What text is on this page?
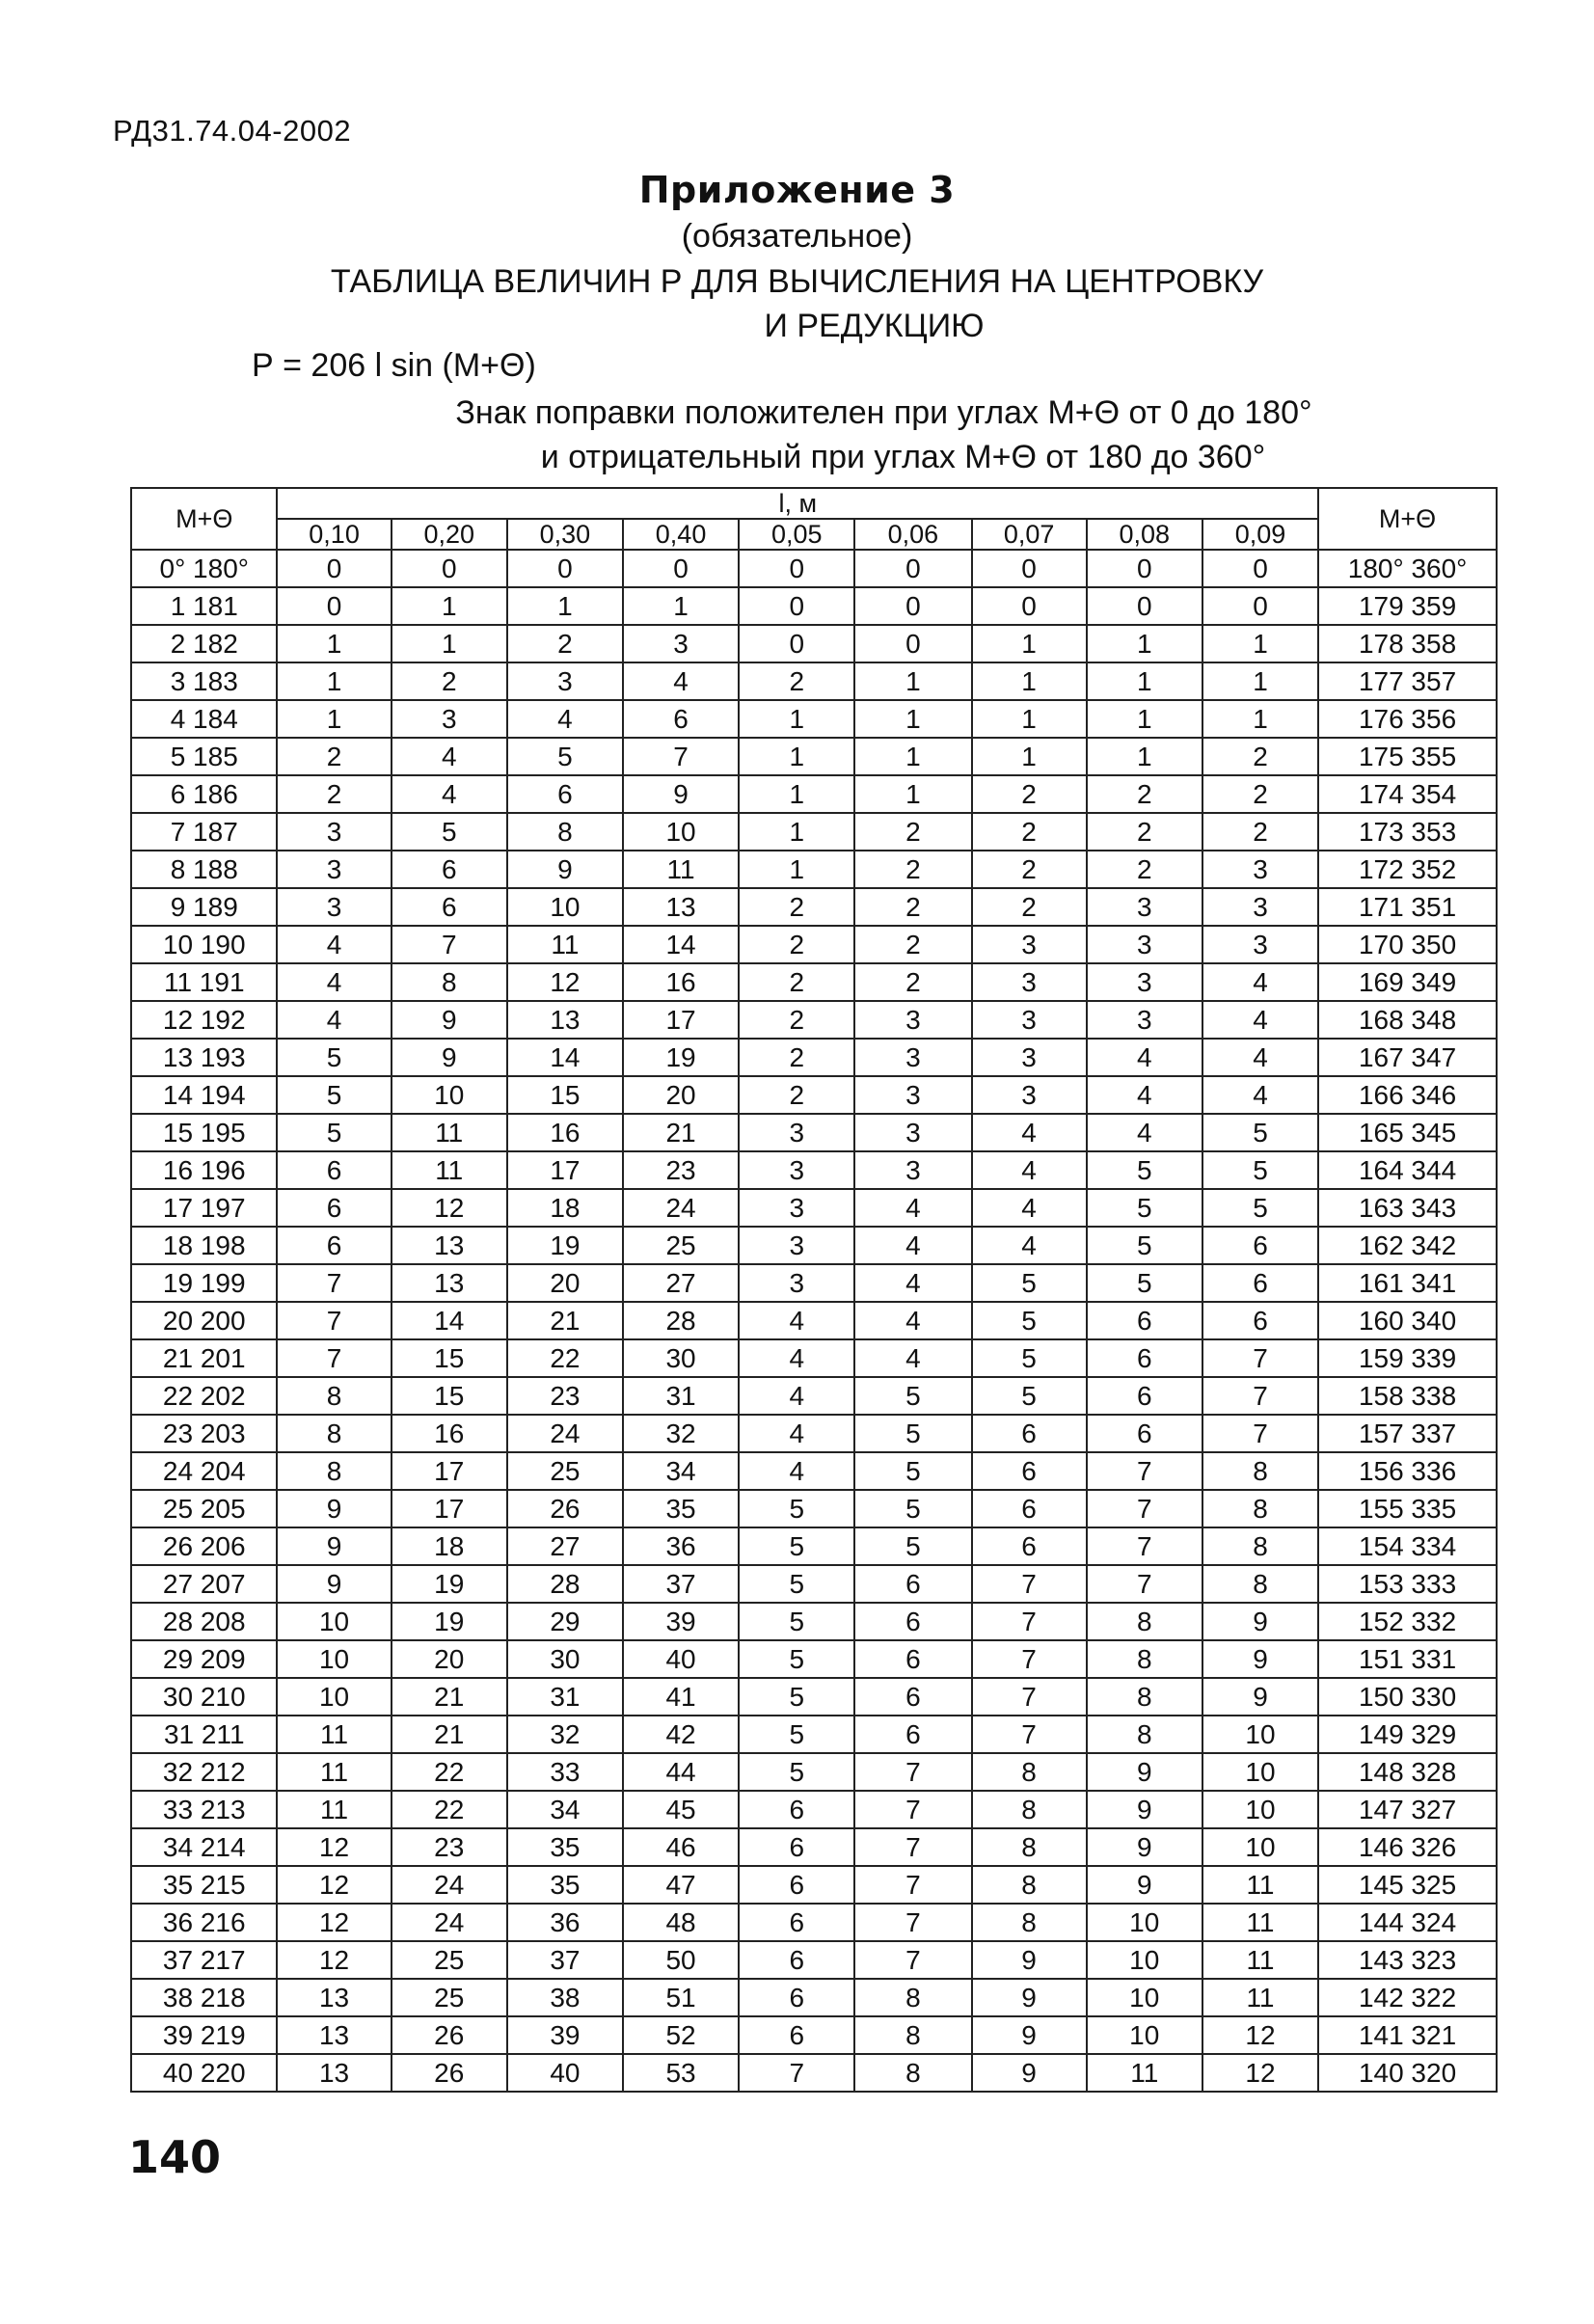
РД31.74.04-2002
Приложение 3
(обязательное)
ТАБЛИЦА ВЕЛИЧИН Р ДЛЯ ВЫЧИСЛЕНИЯ НА ЦЕНТРОВКУ
И РЕДУКЦИЮ
Р = 206 l sin (М+Θ)
Знак поправки положителен при углах М+Θ от 0 до 180°
и отрицательный при углах М+Θ от 180 до 360°
М+Θ	l, м									М+Θ
	0,10	0,20	0,30	0,40	0,05	0,06	0,07	0,08	0,09	
0° 180°	0	0	0	0	0	0	0	0	0	180° 360°
1 181	0	1	1	1	0	0	0	0	0	179 359
2 182	1	1	2	3	0	0	1	1	1	178 358
3 183	1	2	3	4	2	1	1	1	1	177 357
4 184	1	3	4	6	1	1	1	1	1	176 356
5 185	2	4	5	7	1	1	1	1	2	175 355
6 186	2	4	6	9	1	1	2	2	2	174 354
7 187	3	5	8	10	1	2	2	2	2	173 353
8 188	3	6	9	11	1	2	2	2	3	172 352
9 189	3	6	10	13	2	2	2	3	3	171 351
10 190	4	7	11	14	2	2	3	3	3	170 350
11 191	4	8	12	16	2	2	3	3	4	169 349
12 192	4	9	13	17	2	3	3	3	4	168 348
13 193	5	9	14	19	2	3	3	4	4	167 347
14 194	5	10	15	20	2	3	3	4	4	166 346
15 195	5	11	16	21	3	3	4	4	5	165 345
16 196	6	11	17	23	3	3	4	5	5	164 344
17 197	6	12	18	24	3	4	4	5	5	163 343
18 198	6	13	19	25	3	4	4	5	6	162 342
19 199	7	13	20	27	3	4	5	5	6	161 341
20 200	7	14	21	28	4	4	5	6	6	160 340
21 201	7	15	22	30	4	4	5	6	7	159 339
22 202	8	15	23	31	4	5	5	6	7	158 338
23 203	8	16	24	32	4	5	6	6	7	157 337
24 204	8	17	25	34	4	5	6	7	8	156 336
25 205	9	17	26	35	5	5	6	7	8	155 335
26 206	9	18	27	36	5	5	6	7	8	154 334
27 207	9	19	28	37	5	6	7	7	8	153 333
28 208	10	19	29	39	5	6	7	8	9	152 332
29 209	10	20	30	40	5	6	7	8	9	151 331
30 210	10	21	31	41	5	6	7	8	9	150 330
31 211	11	21	32	42	5	6	7	8	10	149 329
32 212	11	22	33	44	5	7	8	9	10	148 328
33 213	11	22	34	45	6	7	8	9	10	147 327
34 214	12	23	35	46	6	7	8	9	10	146 326
35 215	12	24	35	47	6	7	8	9	11	145 325
36 216	12	24	36	48	6	7	8	10	11	144 324
37 217	12	25	37	50	6	7	9	10	11	143 323
38 218	13	25	38	51	6	8	9	10	11	142 322
39 219	13	26	39	52	6	8	9	10	12	141 321
40 220	13	26	40	53	7	8	9	11	12	140 320
140
